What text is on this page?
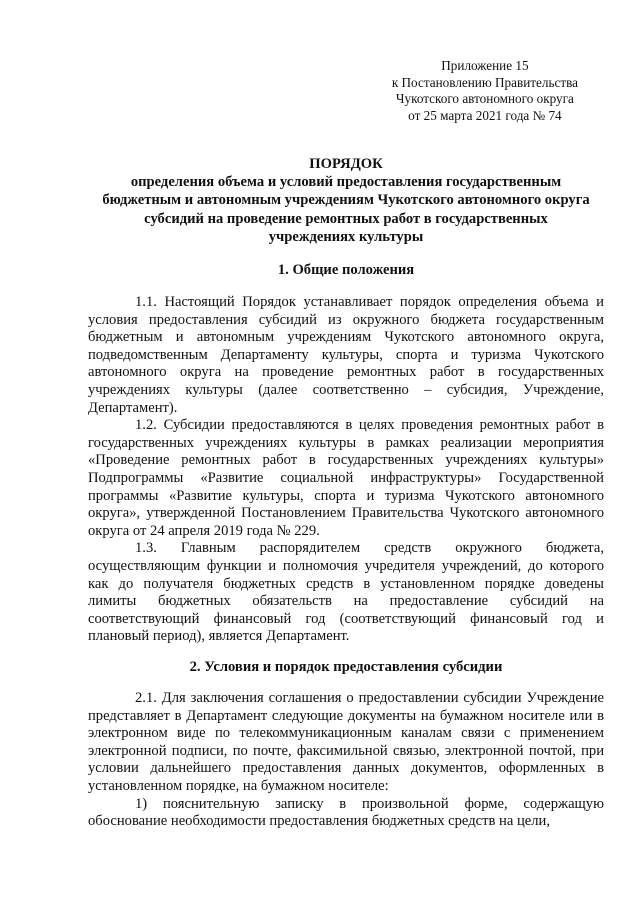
Приложение 15
к Постановлению Правительства
Чукотского автономного округа
от 25 марта 2021 года № 74
ПОРЯДОК
определения объема и условий предоставления государственным
бюджетным и автономным учреждениям Чукотского автономного округа
субсидий на проведение ремонтных работ в государственных
учреждениях культуры
1. Общие положения

1.1. Настоящий Порядок устанавливает порядок определения объема и условия предоставления субсидий из окружного бюджета государственным бюджетным и автономным учреждениям Чукотского автономного округа, подведомственным Департаменту культуры, спорта и туризма Чукотского автономного округа на проведение ремонтных работ в государственных учреждениях культуры (далее соответственно – субсидия, Учреждение, Департамент).

1.2. Субсидии предоставляются в целях проведения ремонтных работ в государственных учреждениях культуры в рамках реализации мероприятия «Проведение ремонтных работ в государственных учреждениях культуры» Подпрограммы «Развитие социальной инфраструктуры» Государственной программы «Развитие культуры, спорта и туризма Чукотского автономного округа», утвержденной Постановлением Правительства Чукотского автономного округа от 24 апреля 2019 года № 229.

1.3. Главным распорядителем средств окружного бюджета, осуществляющим функции и полномочия учредителя учреждений, до которого как до получателя бюджетных средств в установленном порядке доведены лимиты бюджетных обязательств на предоставление субсидий на соответствующий финансовый год (соответствующий финансовый год и плановый период), является Департамент.

2. Условия и порядок предоставления субсидии

2.1. Для заключения соглашения о предоставлении субсидии Учреждение представляет в Департамент следующие документы на бумажном носителе или в электронном виде по телекоммуникационным каналам связи с применением электронной подписи, по почте, факсимильной связью, электронной почтой, при условии дальнейшего предоставления данных документов, оформленных в установленном порядке, на бумажном носителе:

1) пояснительную записку в произвольной форме, содержащую обоснование необходимости предоставления бюджетных средств на цели,
